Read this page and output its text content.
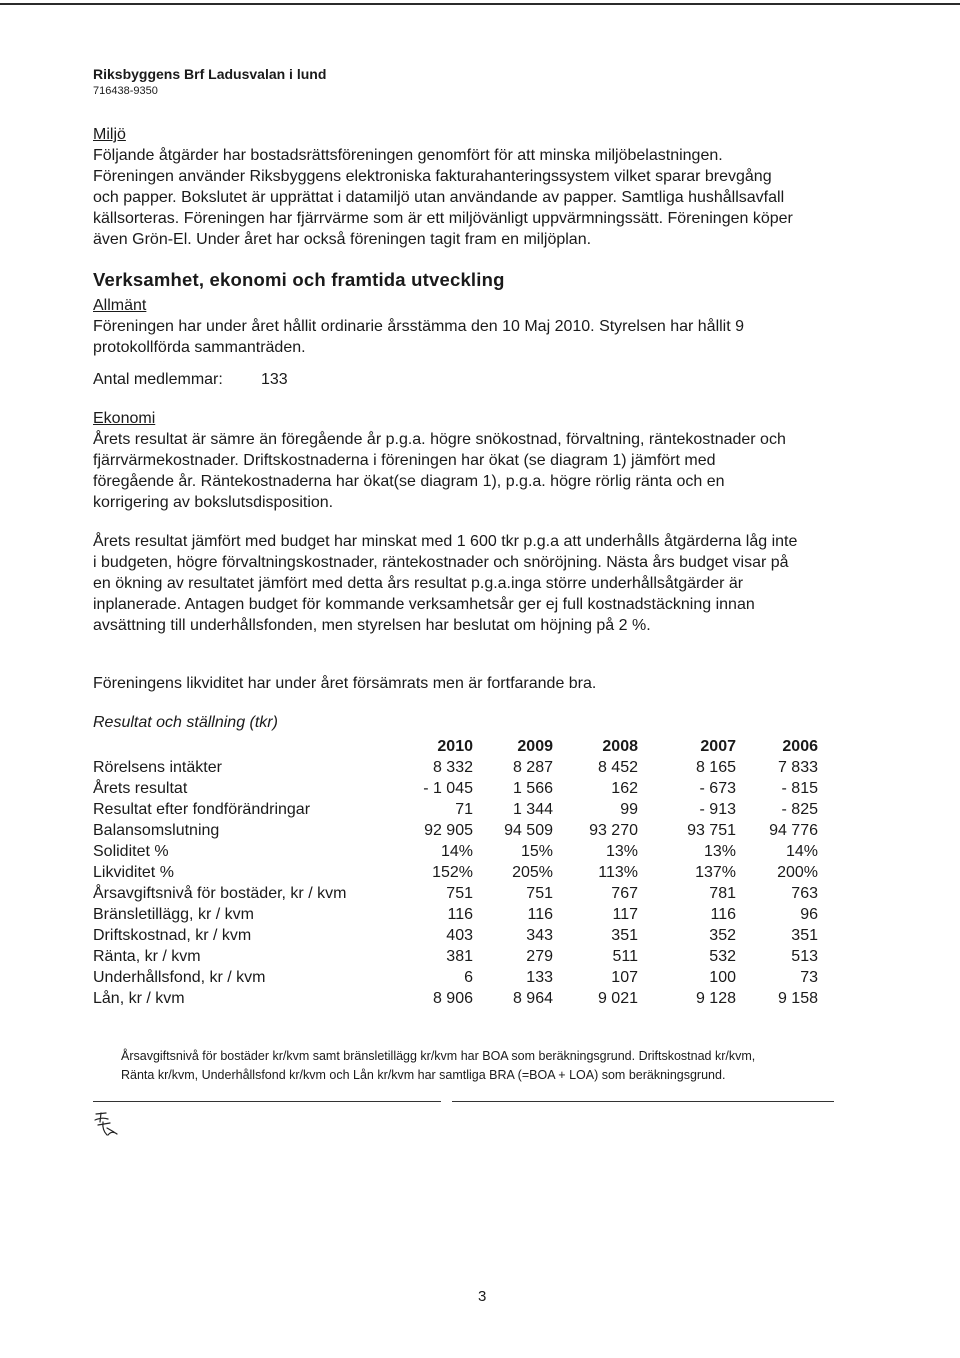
Riksbyggens Brf Ladusvalan i lund
716438-9350
Miljö
Följande åtgärder har bostadsrättsföreningen genomfört för att minska miljöbelastningen.
Föreningen använder Riksbyggens elektroniska fakturahanteringssystem vilket sparar brevgång
och papper. Bokslutet är upprättat i datamiljö utan användande av papper. Samtliga hushållsavfall
källsorteras. Föreningen har fjärrvärme som är ett miljövänligt uppvärmningssätt. Föreningen köper
även Grön-El. Under året har också föreningen tagit fram en miljöplan.
Verksamhet, ekonomi och framtida utveckling
Allmänt
Föreningen har under året hållit ordinarie årsstämma den 10 Maj 2010. Styrelsen har hållit 9
protokollförda sammanträden.
Antal medlemmar: 133
Ekonomi
Årets resultat är sämre än föregående år p.g.a. högre snökostnad, förvaltning, räntekostnader och
fjärrvärmekostnader. Driftskostnaderna i föreningen har ökat (se diagram 1) jämfört med
föregående år. Räntekostnaderna har ökat(se diagram 1), p.g.a. högre rörlig ränta och en
korrigering av bokslutsdisposition.
Årets resultat jämfört med budget har minskat med 1 600 tkr p.g.a att underhålls åtgärderna låg inte
i budgeten, högre förvaltningskostnader, räntekostnader och snöröjning. Nästa års budget visar på
en ökning av resultatet jämfört med detta års resultat p.g.a.inga större underhållsåtgärder är
inplanerade. Antagen budget för kommande verksamhetsår ger ej full kostnadstäckning innan
avsättning till underhållsfonden, men styrelsen har beslutat om höjning på 2 %.
Föreningens likviditet har under året försämrats men är fortfarande bra.
Resultat och ställning (tkr)
	2010	2009	2008	2007	2006
Rörelsens intäkter	8 332	8 287	8 452	8 165	7 833
Årets resultat	- 1 045	1 566	162	- 673	- 815
Resultat efter fondförändringar	71	1 344	99	- 913	- 825
Balansomslutning	92 905	94 509	93 270	93 751	94 776
Soliditet %	14%	15%	13%	13%	14%
Likviditet %	152%	205%	113%	137%	200%
Årsavgiftsnivå för bostäder, kr / kvm	751	751	767	781	763
Bränsletillägg, kr / kvm	116	116	117	116	96
Driftskostnad, kr / kvm	403	343	351	352	351
Ränta, kr / kvm	381	279	511	532	513
Underhållsfond, kr / kvm	6	133	107	100	73
Lån, kr / kvm	8 906	8 964	9 021	9 128	9 158
Årsavgiftsnivå för bostäder kr/kvm samt bränsletillägg kr/kvm har BOA som beräkningsgrund. Driftskostnad kr/kvm,
Ränta kr/kvm, Underhållsfond kr/kvm och Lån kr/kvm har samtliga BRA (=BOA + LOA) som beräkningsgrund.
3
